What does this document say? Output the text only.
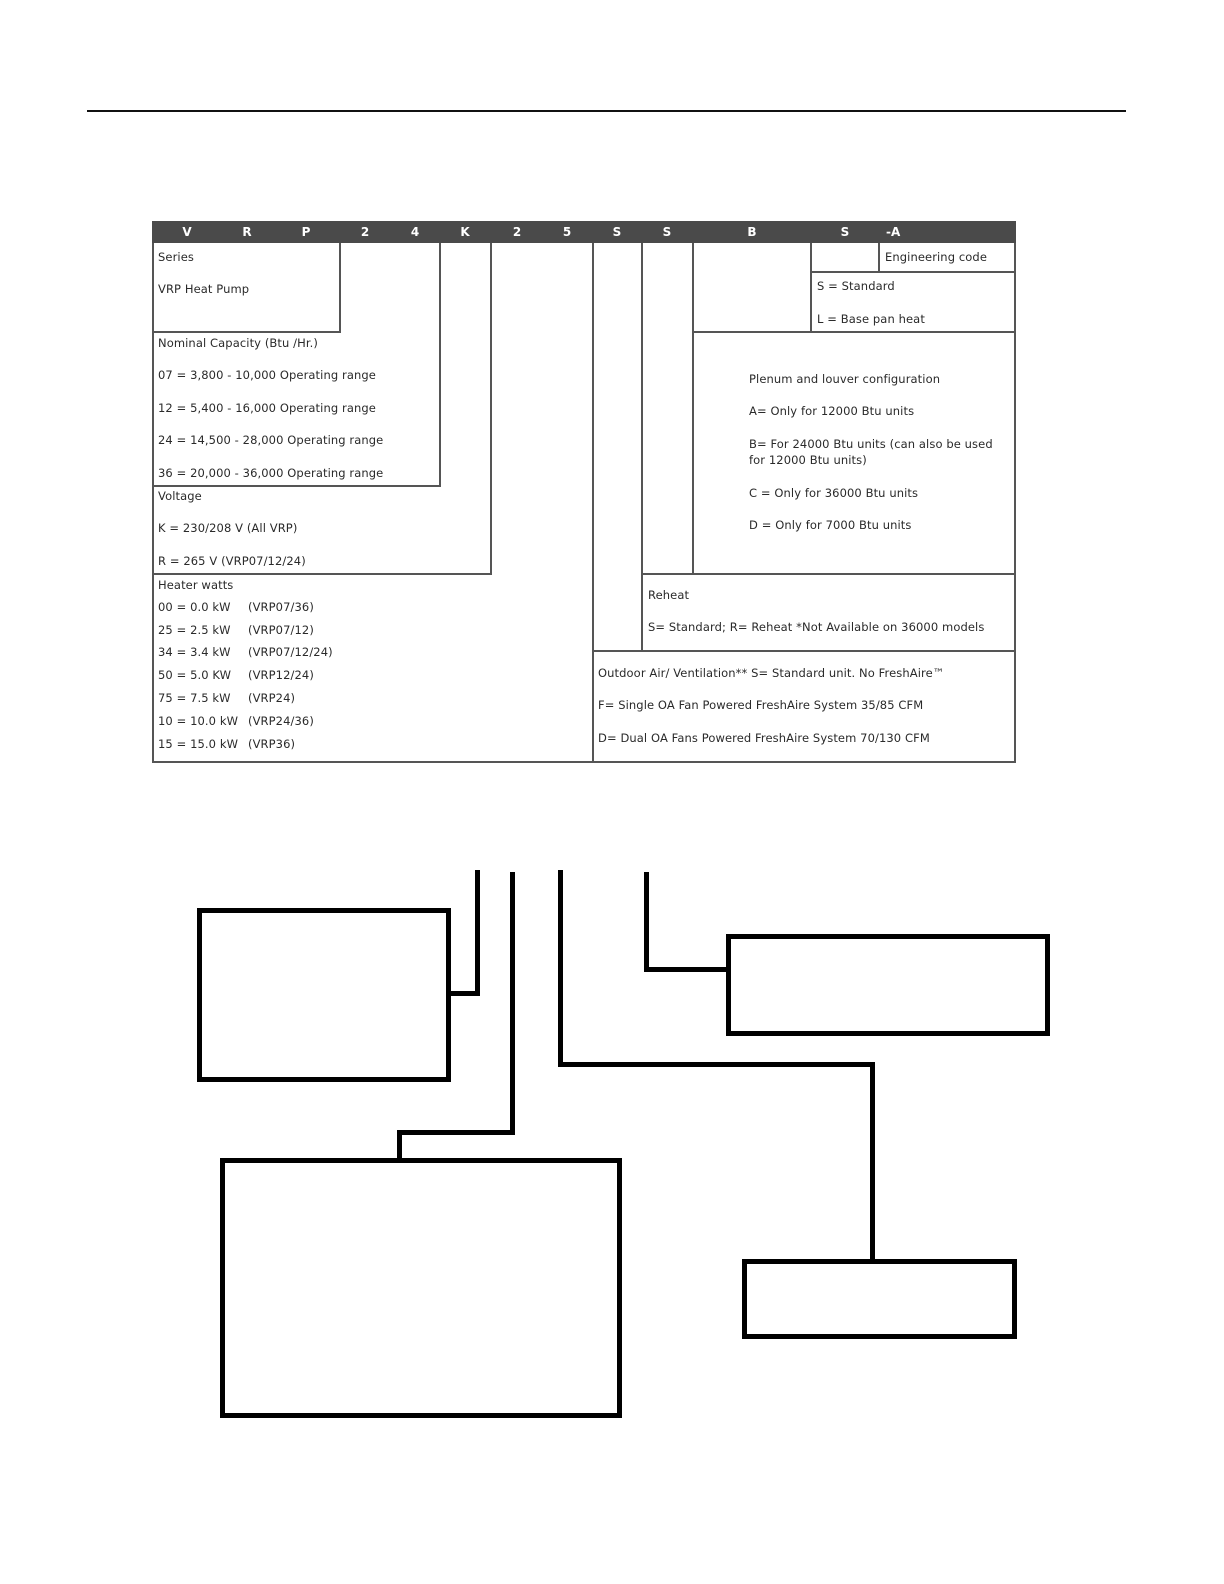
V	R	P	2	4	K	2	5	S	S	B	S	-A
Engineering code
Series
VRP Heat Pump
Nominal Capacity (Btu /Hr.)
07 = 3,800 - 10,000 Operating range
12 = 5,400 - 16,000 Operating range
24 = 14,500 - 28,000 Operating range
36 = 20,000 - 36,000 Operating range
Voltage
K = 230/208 V (All VRP)
R = 265 V (VRP07/12/24)
Heater watts
00 = 0.0 kW (VRP07/36)
25 = 2.5 kW (VRP07/12)
34 = 3.4 kW (VRP07/12/24)
50 = 5.0 KW (VRP12/24)
75 = 7.5 kW (VRP24)
10 = 10.0 kW (VRP24/36)
15 = 15.0 kW (VRP36)
S = Standard
L = Base pan heat
Plenum and louver configuration
A= Only for 12000 Btu units
B= For 24000 Btu units (can also be used
for 12000 Btu units)
C = Only for 36000 Btu units
D = Only for 7000 Btu units
Reheat
S= Standard; R= Reheat *Not Available on 36000 models
Outdoor Air/ Ventilation** S= Standard unit. No FreshAire™
F= Single OA Fan Powered FreshAire System 35/85 CFM
D= Dual OA Fans Powered FreshAire System 70/130 CFM
